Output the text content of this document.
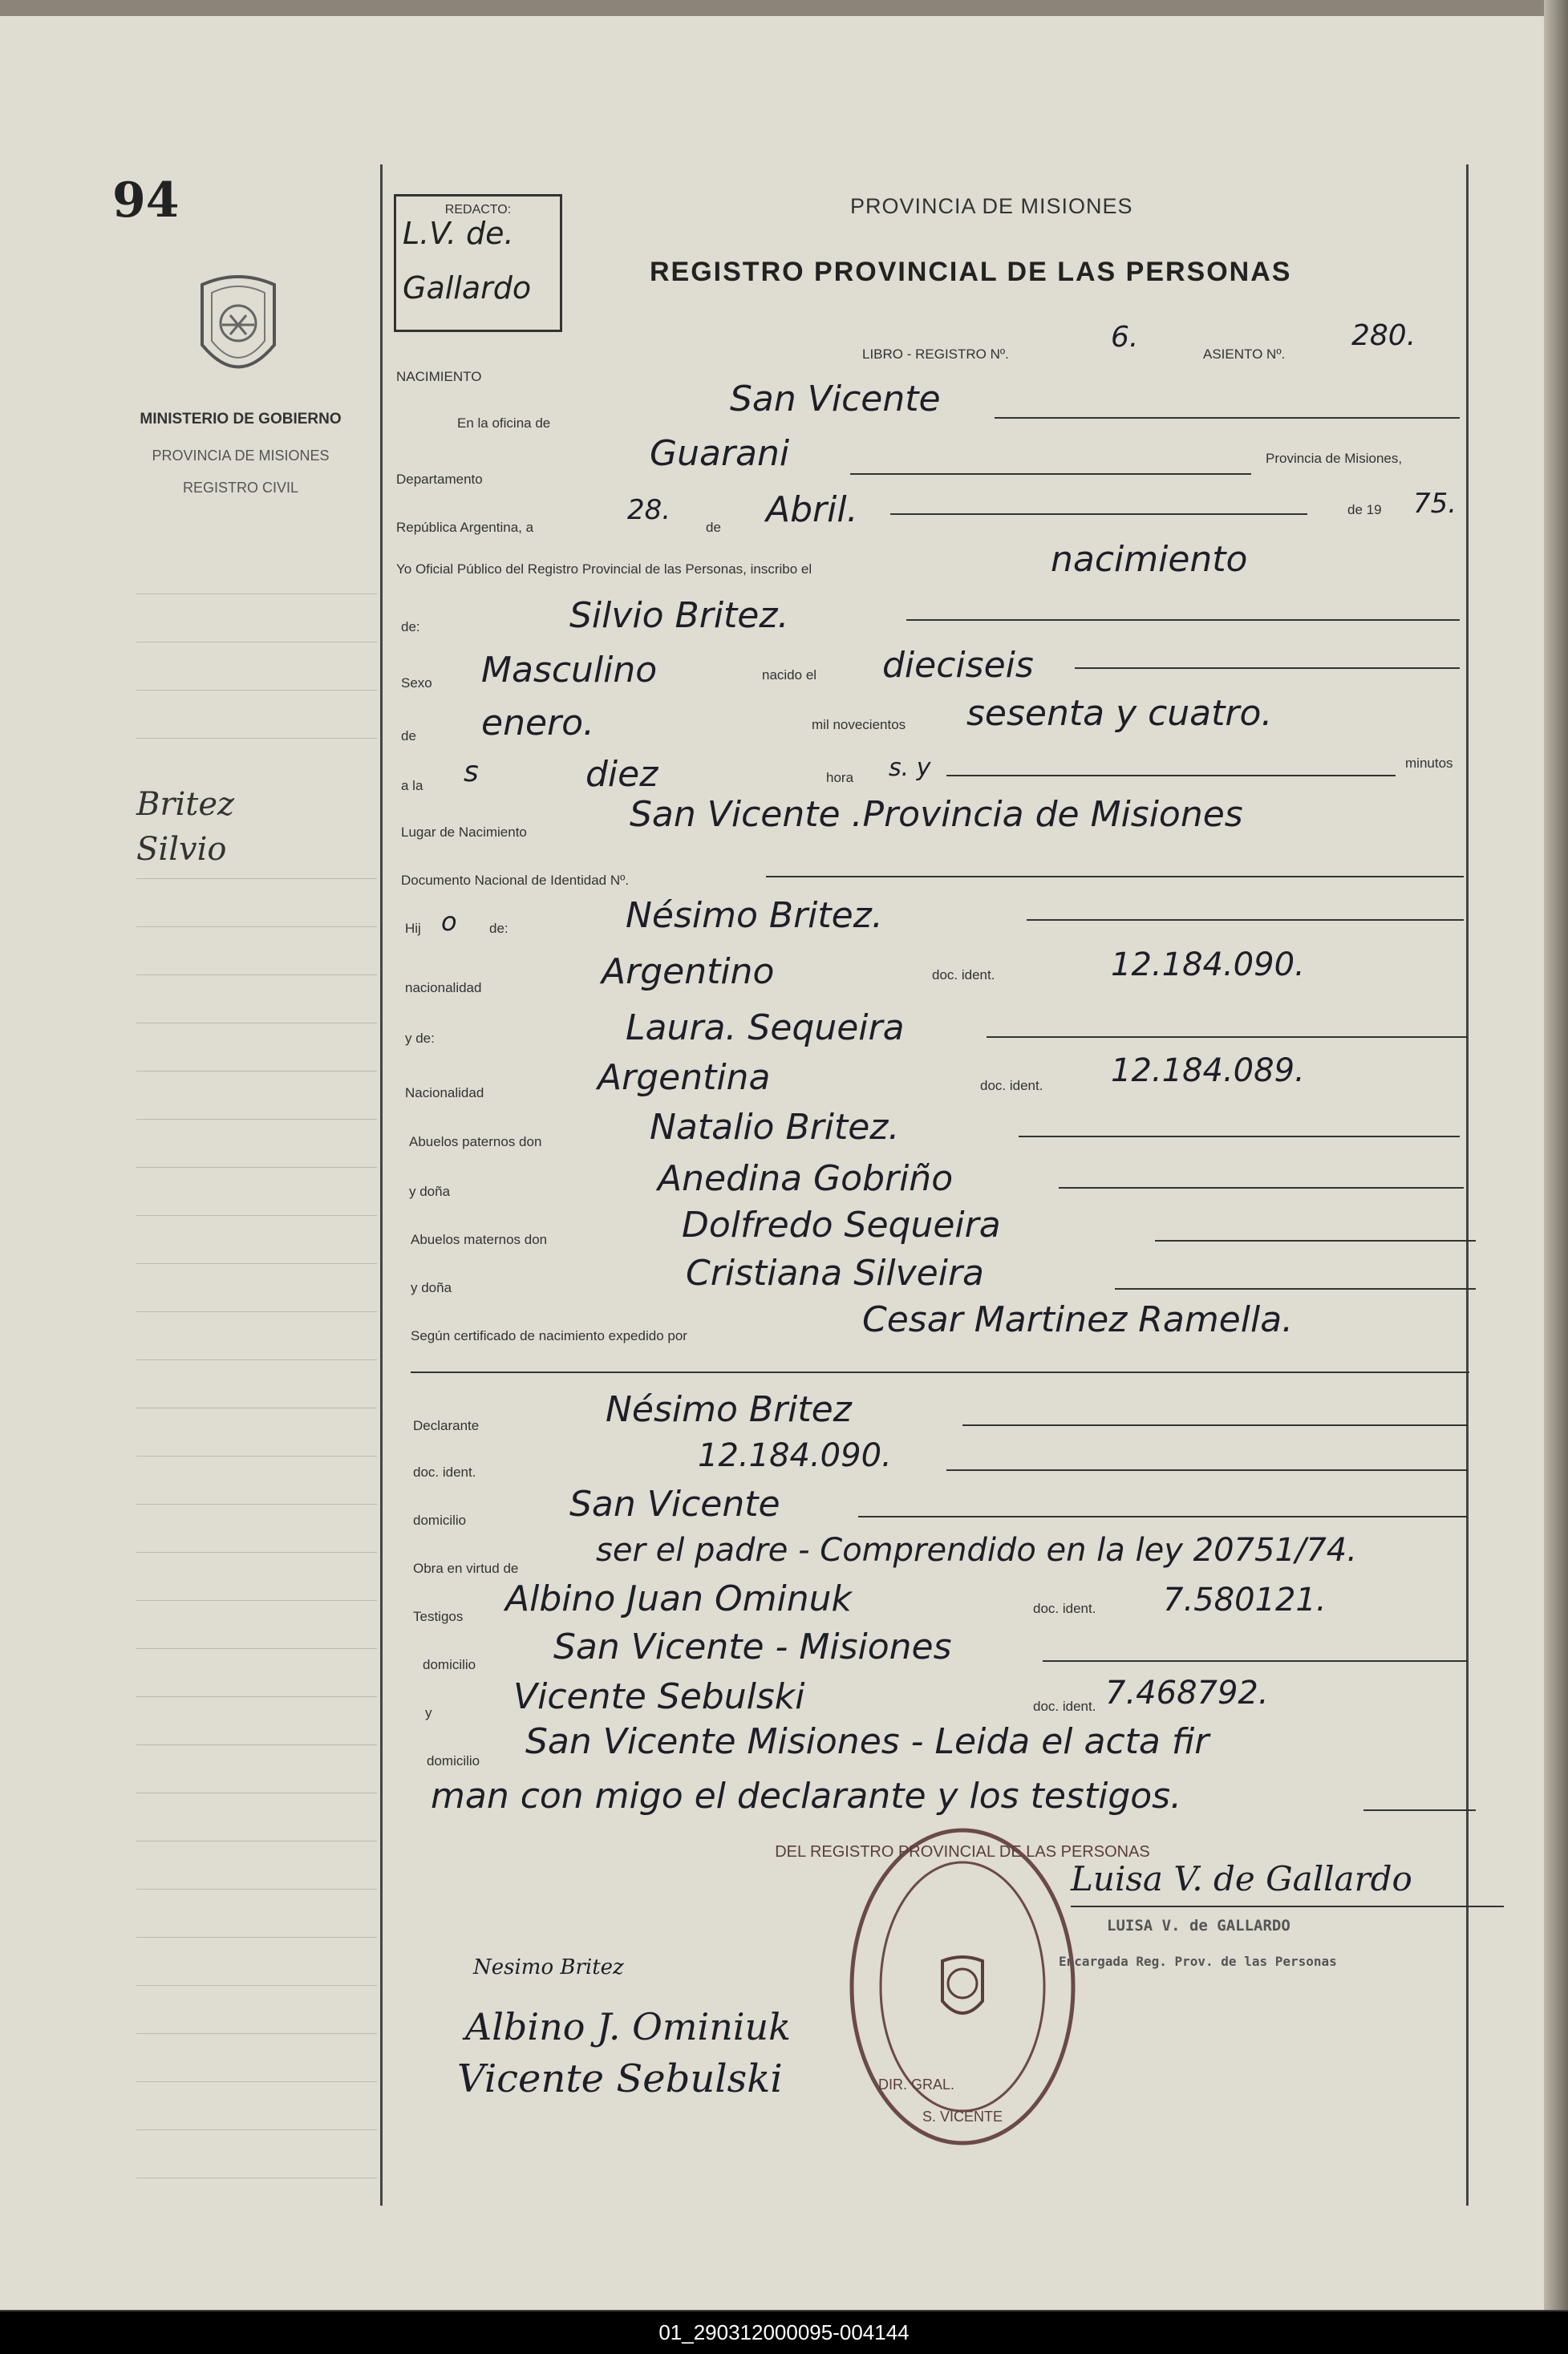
94
MINISTERIO DE GOBIERNO
PROVINCIA DE MISIONES
REGISTRO CIVIL
Britez
Silvio
REDACTO:
L.V. de.
Gallardo
PROVINCIA DE MISIONES
REGISTRO PROVINCIAL DE LAS PERSONAS
LIBRO - REGISTRO Nº.
6.
ASIENTO Nº.
280.
NACIMIENTO
En la oficina de
San Vicente
Departamento
Guarani	Provincia de Misiones,
República Argentina, a
28.
de Abril.	de 19 75.
Yo Oficial Público del Registro Provincial de las Personas, inscribo el	nacimiento
de:	Silvio Britez.
Sexo Masculino	nacido el dieciseis
de enero.	mil novecientos sesenta y cuatro.
a la s	diez	hora s. y	minutos
Lugar de Nacimiento	San Vicente .Provincia de Misiones
Documento Nacional de Identidad Nº.
Hij o de:	Nésimo Britez.
nacionalidad	Argentino	doc. ident.	12.184.090.
y de:	Laura. Sequeira
Nacionalidad	Argentina	doc. ident. 12.184.089.
Abuelos paternos don	Natalio Britez.
y doña	Anedina Gobriño
Abuelos maternos don	Dolfredo Sequeira
y doña	Cristiana Silveira
Según certificado de nacimiento expedido por	Cesar Martinez Ramella.
Declarante	Nésimo Britez
doc. ident.	12.184.090.
domicilio	San Vicente
Obra en virtud de ser el padre - Comprendido en la ley 20751/74.
Testigos Albino Juan Ominuk	doc. ident. 7.580121.
domicilio San Vicente - Misiones
y Vicente Sebulski	doc. ident. 7.468792.
domicilio San Vicente Misiones - Leida el acta fir
man con migo el declarante y los testigos.
DEL REGISTRO PROVINCIAL DE LAS PERSONAS
DIR. GRAL.
S. VICENTE
Luisa V. de Gallardo
LUISA V. de GALLARDO
Encargada Reg. Prov. de las Personas
Nesimo Britez
Albino J. Ominiuk
Vicente Sebulski
01_290312000095-004144
